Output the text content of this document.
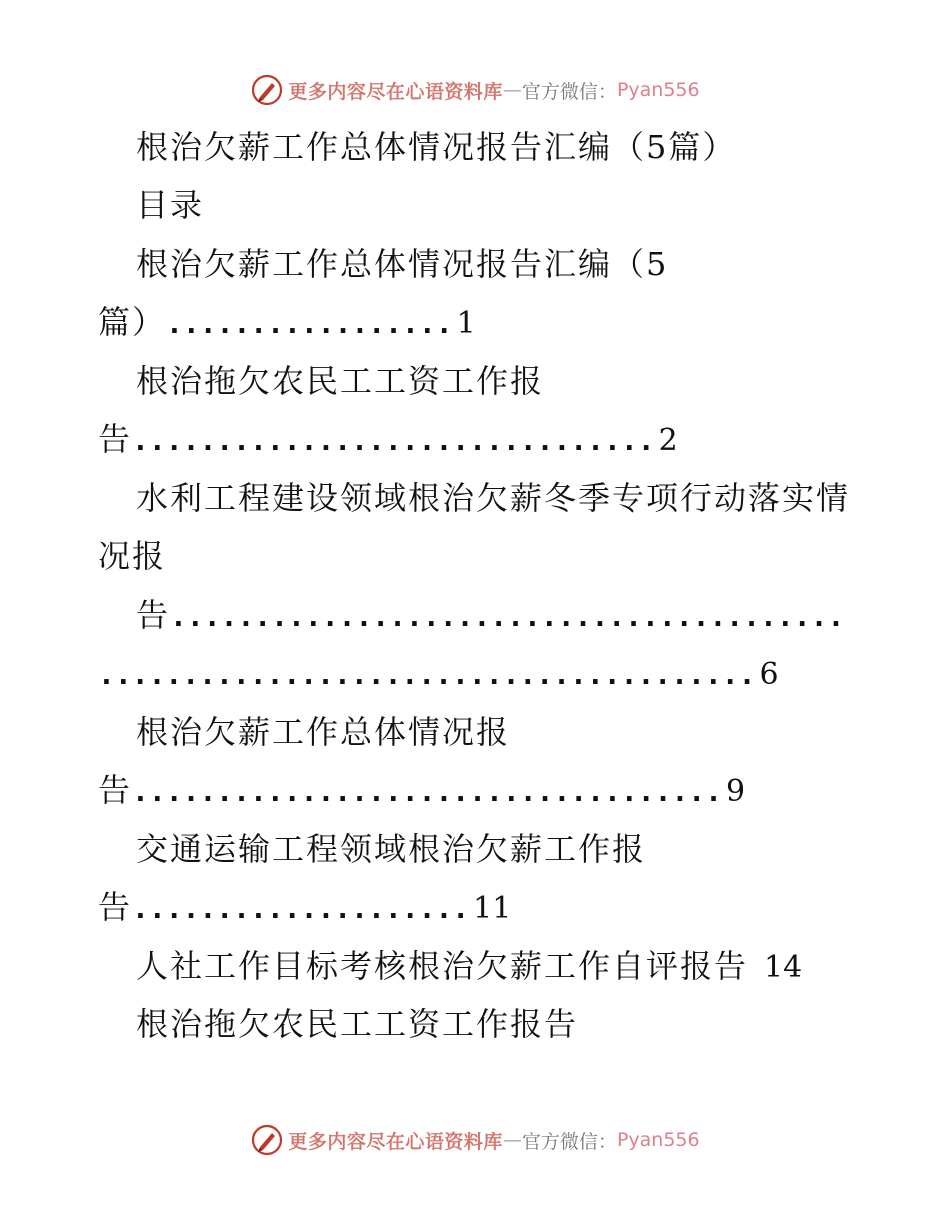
更多内容尽在心语资料库 — 官方微信： Pyan556
根治欠薪工作总体情况报告汇编（5篇）
目录
根治欠薪工作总体情况报告汇编（5
篇）................. 1
根治拖欠农民工工资工作报
告............................... 2
水利工程建设领域根治欠薪冬季专项行动落实情
况报
告........................................
....................................... 6
根治欠薪工作总体情况报
告................................... 9
交通运输工程领域根治欠薪工作报
告.................... 11
人社工作目标考核根治欠薪工作自评报告 14
根治拖欠农民工工资工作报告
更多内容尽在心语资料库 — 官方微信： Pyan556
